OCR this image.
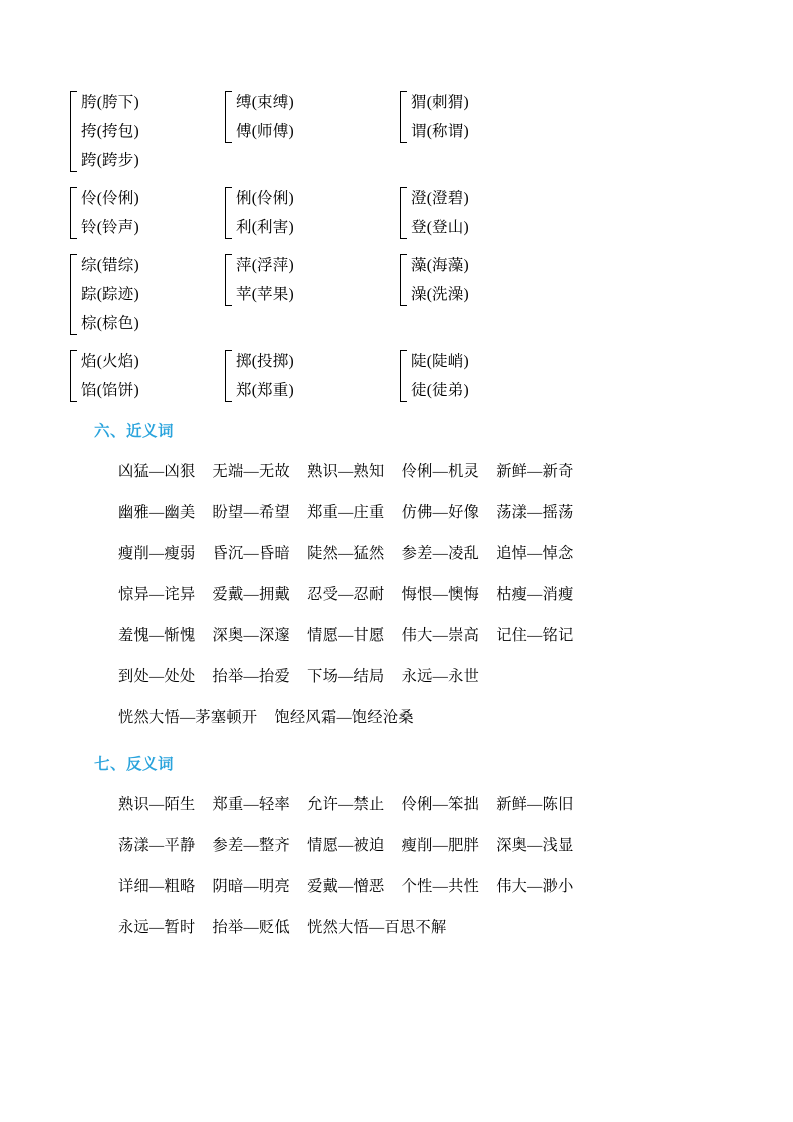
胯(胯下)
挎(挎包)
跨(跨步)
缚(束缚)
傅(师傅)
猬(刺猬)
谓(称谓)
伶(伶俐)
铃(铃声)
俐(伶俐)
利(利害)
澄(澄碧)
登(登山)
综(错综)
踪(踪迹)
棕(棕色)
萍(浮萍)
苹(苹果)
藻(海藻)
澡(洗澡)
焰(火焰)
馅(馅饼)
掷(投掷)
郑(郑重)
陡(陡峭)
徒(徒弟)
六、近义词
凶猛—凶狠 无端—无故 熟识—熟知 伶俐—机灵 新鲜—新奇
幽雅—幽美 盼望—希望 郑重—庄重 仿佛—好像 荡漾—摇荡
瘦削—瘦弱 昏沉—昏暗 陡然—猛然 参差—凌乱 追悼—悼念
惊异—诧异 爱戴—拥戴 忍受—忍耐 悔恨—懊悔 枯瘦—消瘦
羞愧—惭愧 深奥—深邃 情愿—甘愿 伟大—崇高 记住—铭记
到处—处处 抬举—抬爱 下场—结局 永远—永世
恍然大悟—茅塞顿开 饱经风霜—饱经沧桑
七、反义词
熟识—陌生 郑重—轻率 允许—禁止 伶俐—笨拙 新鲜—陈旧
荡漾—平静 参差—整齐 情愿—被迫 瘦削—肥胖 深奥—浅显
详细—粗略 阴暗—明亮 爱戴—憎恶 个性—共性 伟大—渺小
永远—暂时 抬举—贬低 恍然大悟—百思不解
